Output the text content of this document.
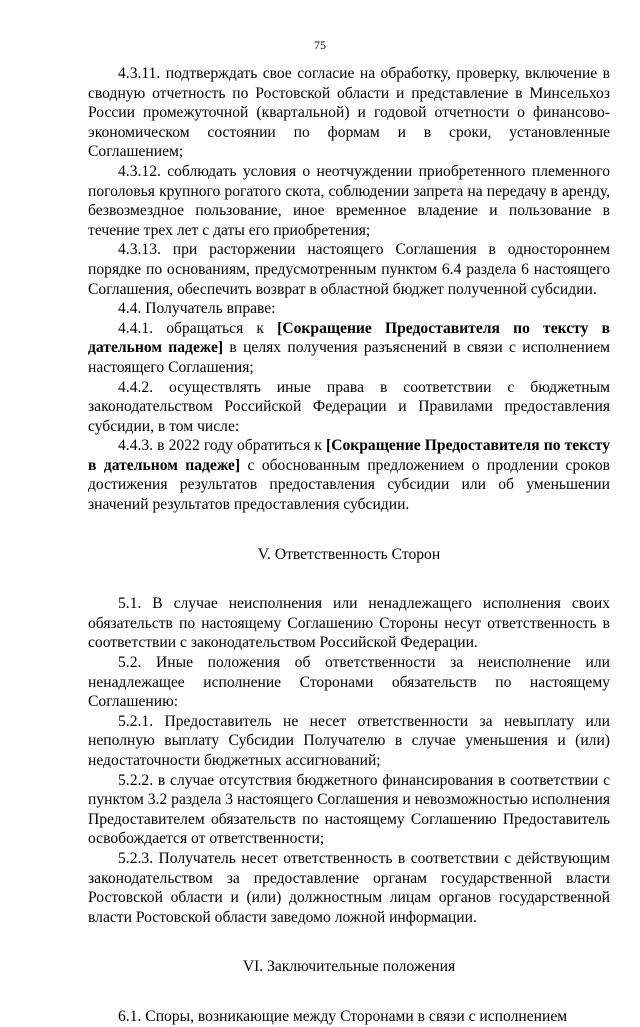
75

4.3.11. подтверждать свое согласие на обработку, проверку, включение в сводную отчетность по Ростовской области и представление в Минсельхоз России промежуточной (квартальной) и годовой отчетности о финансово-экономическом состоянии по формам и в сроки, установленные Соглашением;

4.3.12. соблюдать условия о неотчуждении приобретенного племенного поголовья крупного рогатого скота, соблюдении запрета на передачу в аренду, безвозмездное пользование, иное временное владение и пользование в течение трех лет с даты его приобретения;

4.3.13. при расторжении настоящего Соглашения в одностороннем порядке по основаниям, предусмотренным пунктом 6.4 раздела 6 настоящего Соглашения, обеспечить возврат в областной бюджет полученной субсидии.

4.4. Получатель вправе:

4.4.1. обращаться к [Сокращение Предоставителя по тексту в дательном падеже] в целях получения разъяснений в связи с исполнением настоящего Соглашения;

4.4.2. осуществлять иные права в соответствии с бюджетным законодательством Российской Федерации и Правилами предоставления субсидии, в том числе:

4.4.3. в 2022 году обратиться к [Сокращение Предоставителя по тексту в дательном падеже] с обоснованным предложением о продлении сроков достижения результатов предоставления субсидии или об уменьшении значений результатов предоставления субсидии.

V. Ответственность Сторон

5.1. В случае неисполнения или ненадлежащего исполнения своих обязательств по настоящему Соглашению Стороны несут ответственность в соответствии с законодательством Российской Федерации.

5.2. Иные положения об ответственности за неисполнение или ненадлежащее исполнение Сторонами обязательств по настоящему Соглашению:

5.2.1. Предоставитель не несет ответственности за невыплату или неполную выплату Субсидии Получателю в случае уменьшения и (или) недостаточности бюджетных ассигнований;

5.2.2. в случае отсутствия бюджетного финансирования в соответствии с пунктом 3.2 раздела 3 настоящего Соглашения и невозможностью исполнения Предоставителем обязательств по настоящему Соглашению Предоставитель освобождается от ответственности;

5.2.3. Получатель несет ответственность в соответствии с действующим законодательством за предоставление органам государственной власти Ростовской области и (или) должностным лицам органов государственной власти Ростовской области заведомо ложной информации.

VI. Заключительные положения

6.1. Споры, возникающие между Сторонами в связи с исполнением
